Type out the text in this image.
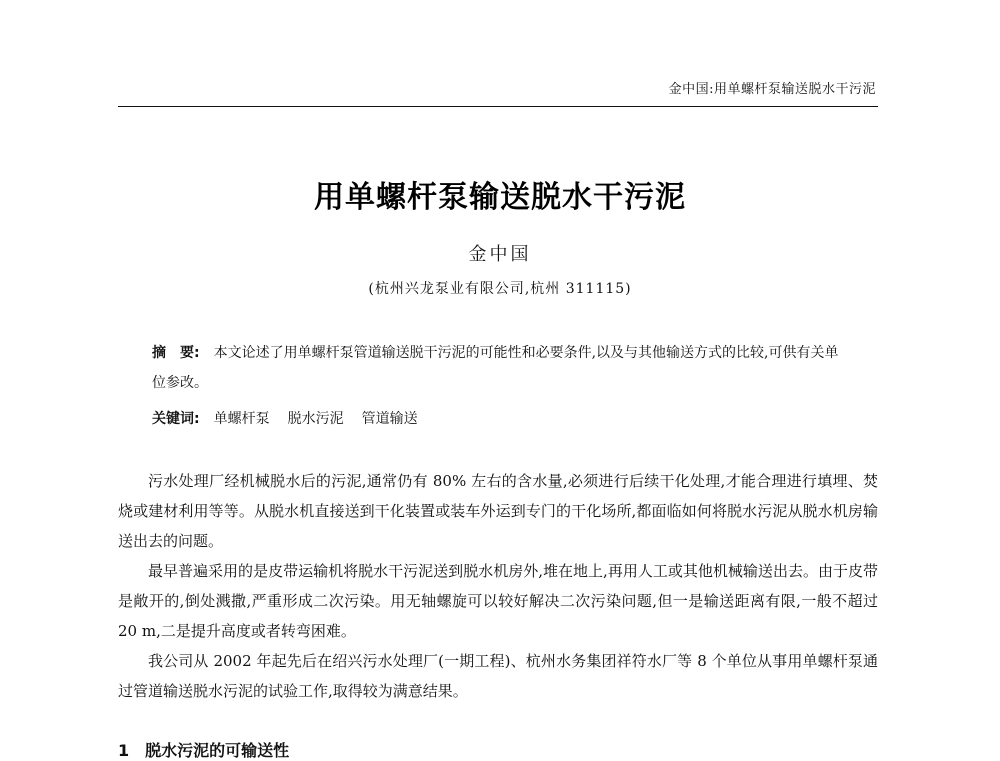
金中国:用单螺杆泵输送脱水干污泥
用单螺杆泵输送脱水干污泥
金中国
(杭州兴龙泵业有限公司,杭州 311115)
摘　要: 本文论述了用单螺杆泵管道输送脱干污泥的可能性和必要条件,以及与其他输送方式的比较,可供有关单位参改。
关键词: 单螺杆泵 脱水污泥 管道输送

污水处理厂经机械脱水后的污泥,通常仍有 80% 左右的含水量,必须进行后续干化处理,才能合理进行填埋、焚烧或建材利用等等。从脱水机直接送到干化装置或装车外运到专门的干化场所,都面临如何将脱水污泥从脱水机房输送出去的问题。

最早普遍采用的是皮带运输机将脱水干污泥送到脱水机房外,堆在地上,再用人工或其他机械输送出去。由于皮带是敞开的,倒处溅撒,严重形成二次污染。用无轴螺旋可以较好解决二次污染问题,但一是输送距离有限,一般不超过 20 m,二是提升高度或者转弯困难。

我公司从 2002 年起先后在绍兴污水处理厂(一期工程)、杭州水务集团祥符水厂等 8 个单位从事用单螺杆泵通过管道输送脱水污泥的试验工作,取得较为满意结果。

1　脱水污泥的可输送性
